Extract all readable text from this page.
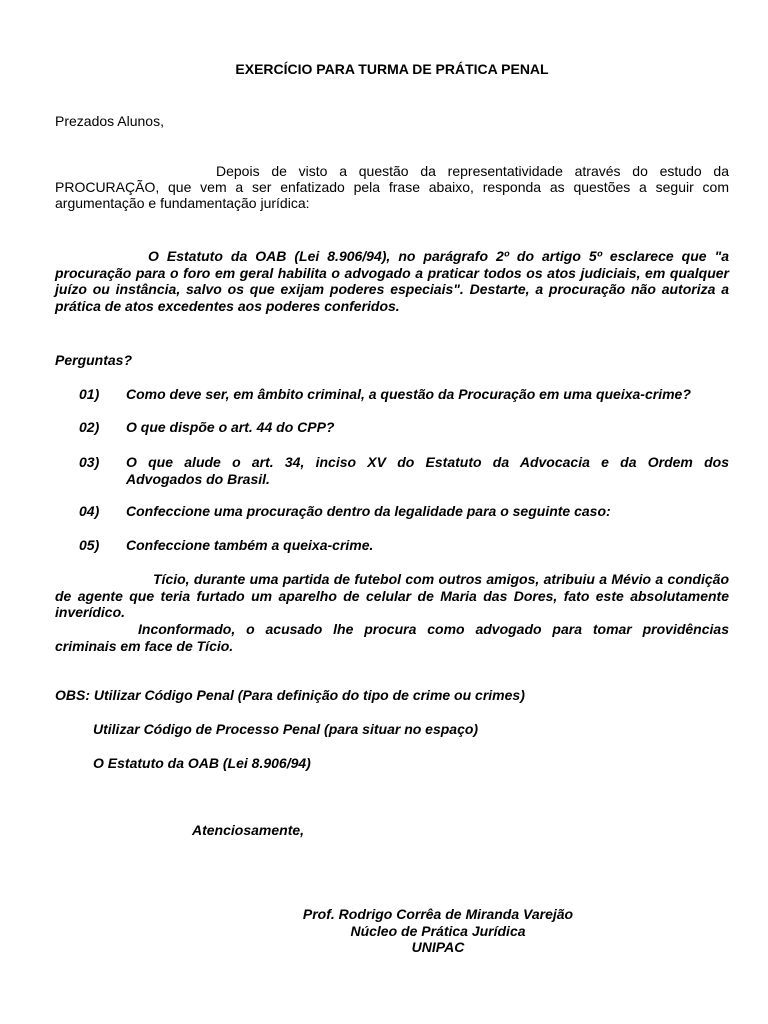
EXERCÍCIO PARA TURMA DE PRÁTICA PENAL
Prezados Alunos,
Depois de visto a questão da representatividade através do estudo da PROCURAÇÃO, que vem a ser enfatizado pela frase abaixo, responda as questões a seguir com argumentação e fundamentação jurídica:
O Estatuto da OAB (Lei 8.906/94), no parágrafo 2º do artigo 5º esclarece que "a procuração para o foro em geral habilita o advogado a praticar todos os atos judiciais, em qualquer juízo ou instância, salvo os que exijam poderes especiais". Destarte, a procuração não autoriza a prática de atos excedentes aos poderes conferidos.
Perguntas?
01) Como deve ser, em âmbito criminal, a questão da Procuração em uma queixa-crime?
02) O que dispõe o art. 44 do CPP?
03) O que alude o art. 34, inciso XV do Estatuto da Advocacia e da Ordem dos
Advogados do Brasil.
04) Confeccione uma procuração dentro da legalidade para o seguinte caso:
05) Confeccione também a queixa-crime.
Tício, durante uma partida de futebol com outros amigos, atribuiu a Mévio a condição de agente que teria furtado um aparelho de celular de Maria das Dores, fato este absolutamente inverídico.
Inconformado, o acusado lhe procura como advogado para tomar providências criminais em face de Tício.
OBS: Utilizar Código Penal (Para definição do tipo de crime ou crimes)
Utilizar Código de Processo Penal (para situar no espaço)
O Estatuto da OAB (Lei 8.906/94)
Atenciosamente,
Prof. Rodrigo Corrêa de Miranda Varejão
Núcleo de Prática Jurídica
UNIPAC
